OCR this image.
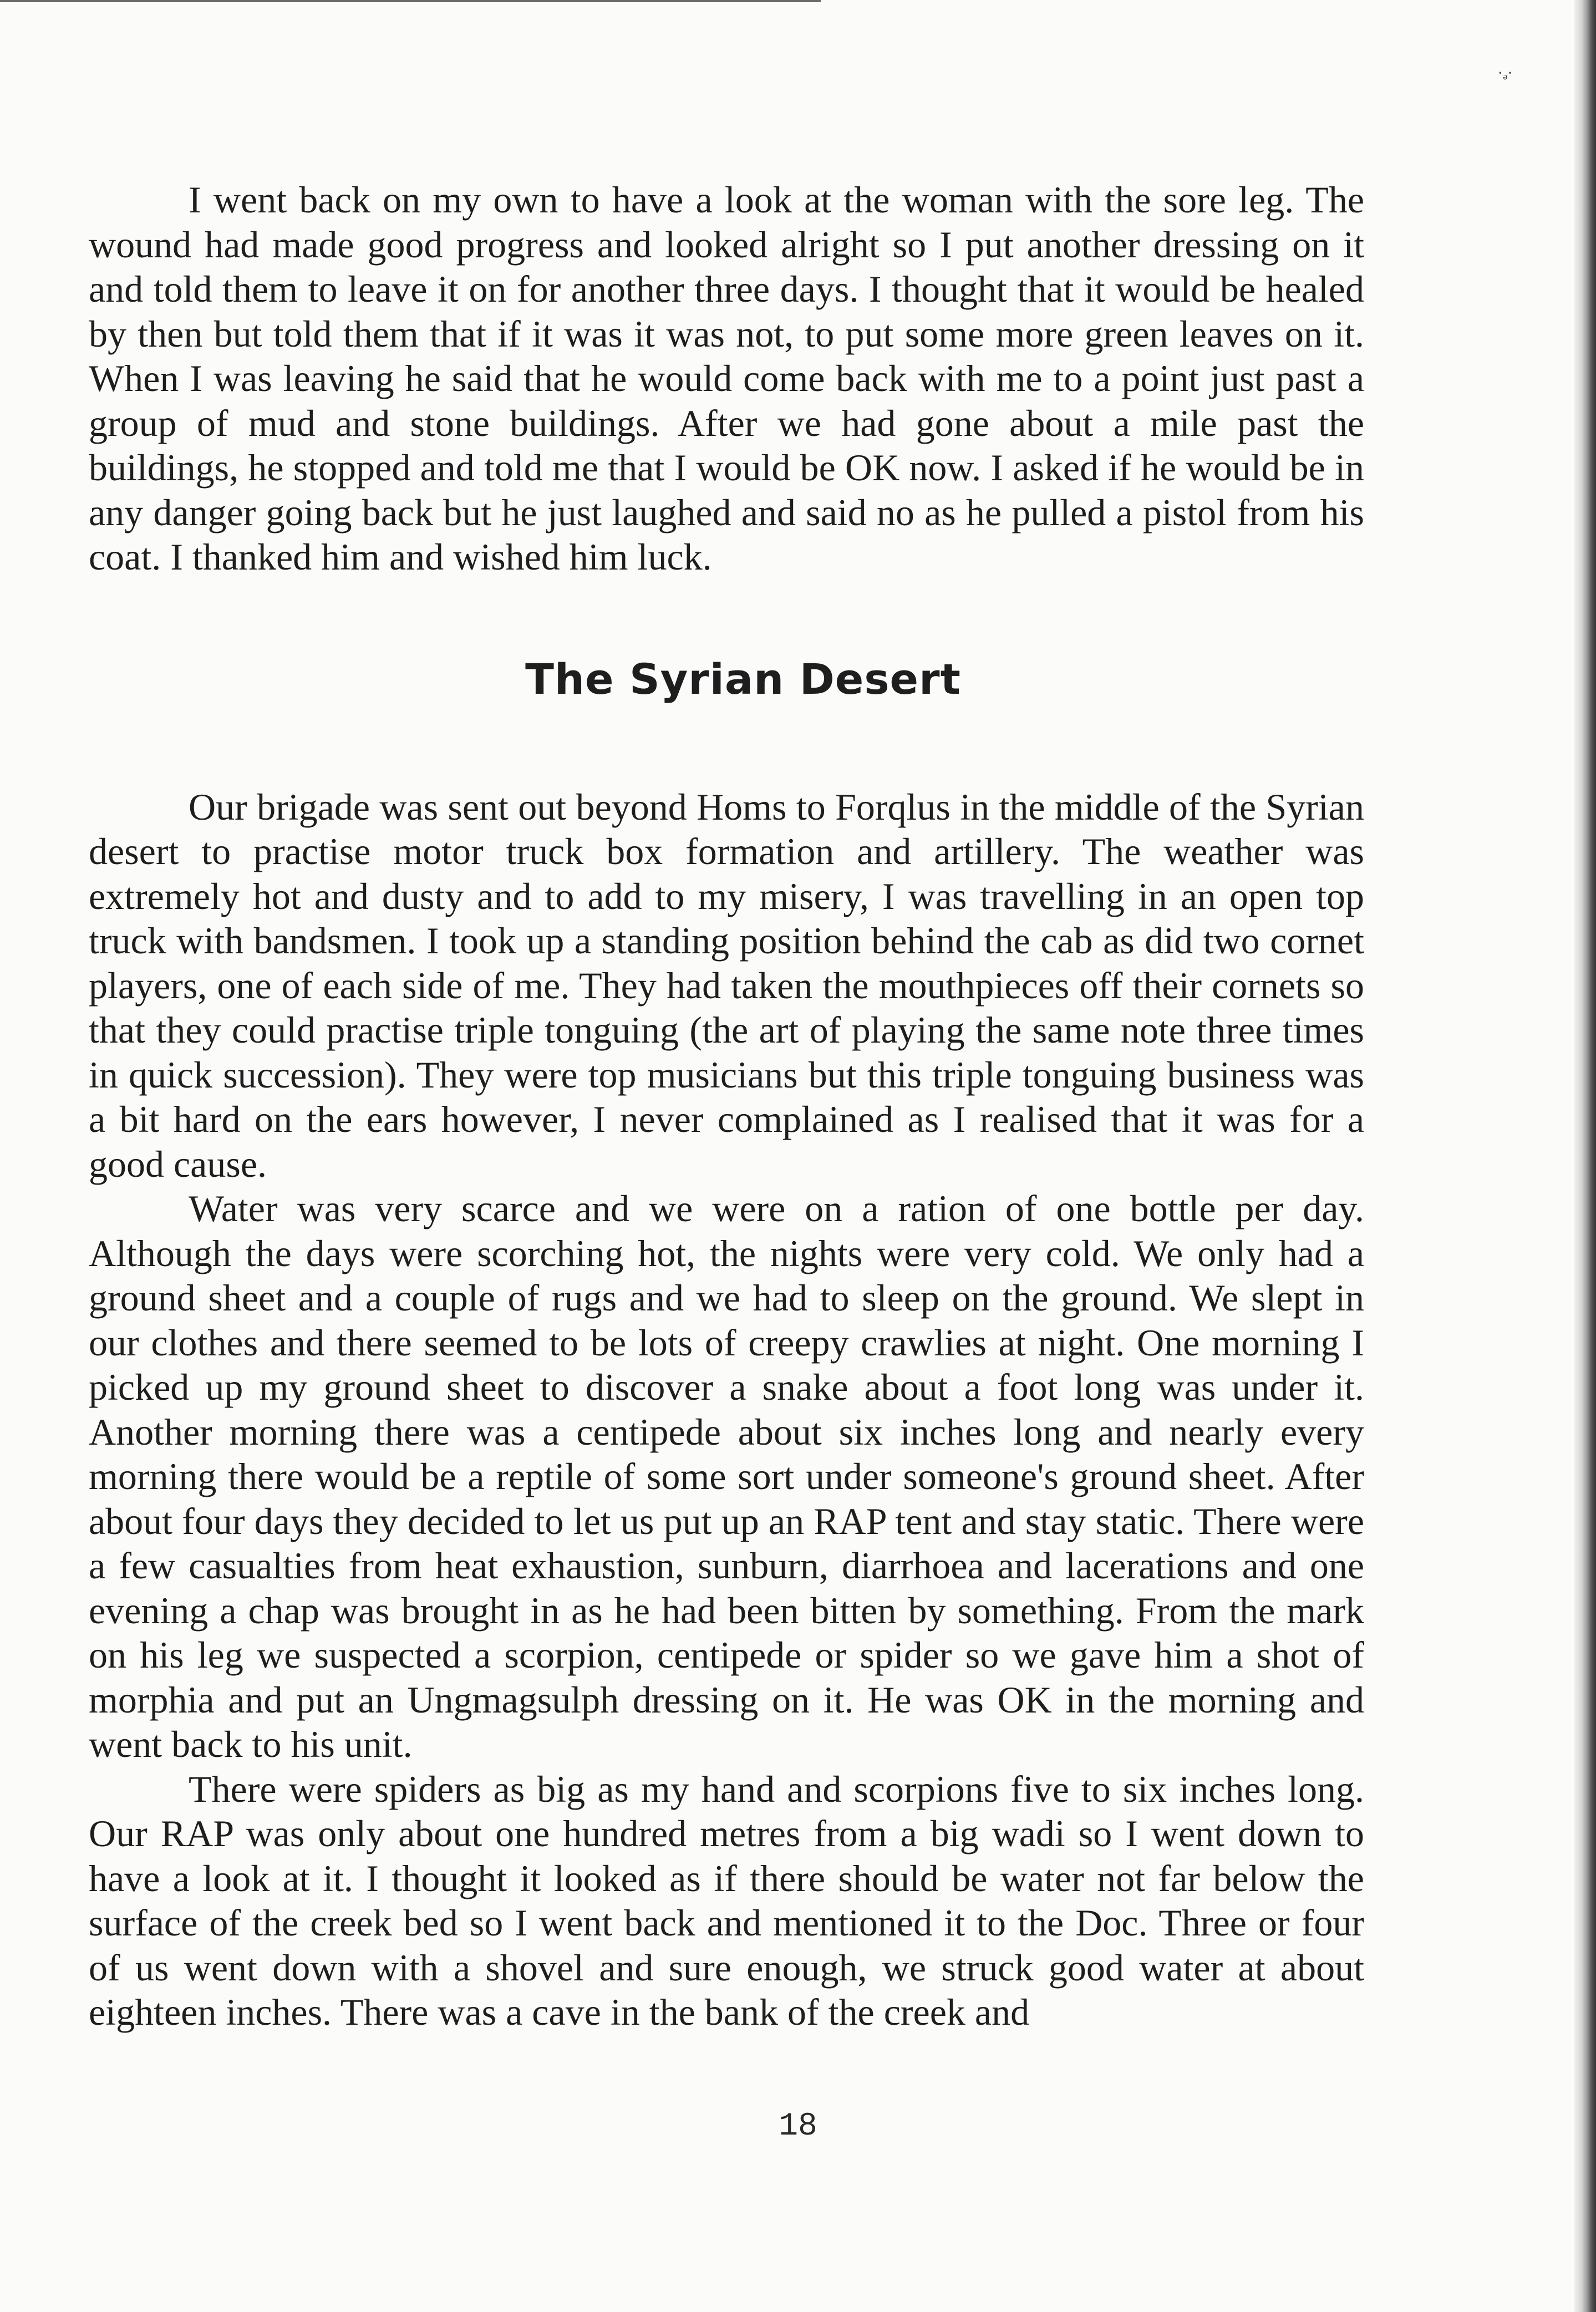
·ₔ·

I went back on my own to have a look at the woman with the sore leg. The wound had made good progress and looked alright so I put another dressing on it and told them to leave it on for another three days. I thought that it would be healed by then but told them that if it was it was not, to put some more green leaves on it. When I was leaving he said that he would come back with me to a point just past a group of mud and stone buildings. After we had gone about a mile past the buildings, he stopped and told me that I would be OK now. I asked if he would be in any danger going back but he just laughed and said no as he pulled a pistol from his coat. I thanked him and wished him luck.

The Syrian Desert

Our brigade was sent out beyond Homs to Forqlus in the middle of the Syrian desert to practise motor truck box formation and artillery. The weather was extremely hot and dusty and to add to my misery, I was travelling in an open top truck with bandsmen. I took up a standing position behind the cab as did two cornet players, one of each side of me. They had taken the mouthpieces off their cornets so that they could practise triple tonguing (the art of playing the same note three times in quick succession). They were top musicians but this triple tonguing business was a bit hard on the ears however, I never complained as I realised that it was for a good cause.

Water was very scarce and we were on a ration of one bottle per day. Although the days were scorching hot, the nights were very cold. We only had a ground sheet and a couple of rugs and we had to sleep on the ground. We slept in our clothes and there seemed to be lots of creepy crawlies at night. One morning I picked up my ground sheet to discover a snake about a foot long was under it. Another morning there was a centipede about six inches long and nearly every morning there would be a reptile of some sort under someone's ground sheet. After about four days they decided to let us put up an RAP tent and stay static. There were a few casualties from heat exhaustion, sunburn, diarrhoea and lacerations and one evening a chap was brought in as he had been bitten by something. From the mark on his leg we suspected a scorpion, centipede or spider so we gave him a shot of morphia and put an Ungmagsulph dressing on it. He was OK in the morning and went back to his unit.

There were spiders as big as my hand and scorpions five to six inches long. Our RAP was only about one hundred metres from a big wadi so I went down to have a look at it. I thought it looked as if there should be water not far below the surface of the creek bed so I went back and mentioned it to the Doc. Three or four of us went down with a shovel and sure enough, we struck good water at about eighteen inches. There was a cave in the bank of the creek and

18
